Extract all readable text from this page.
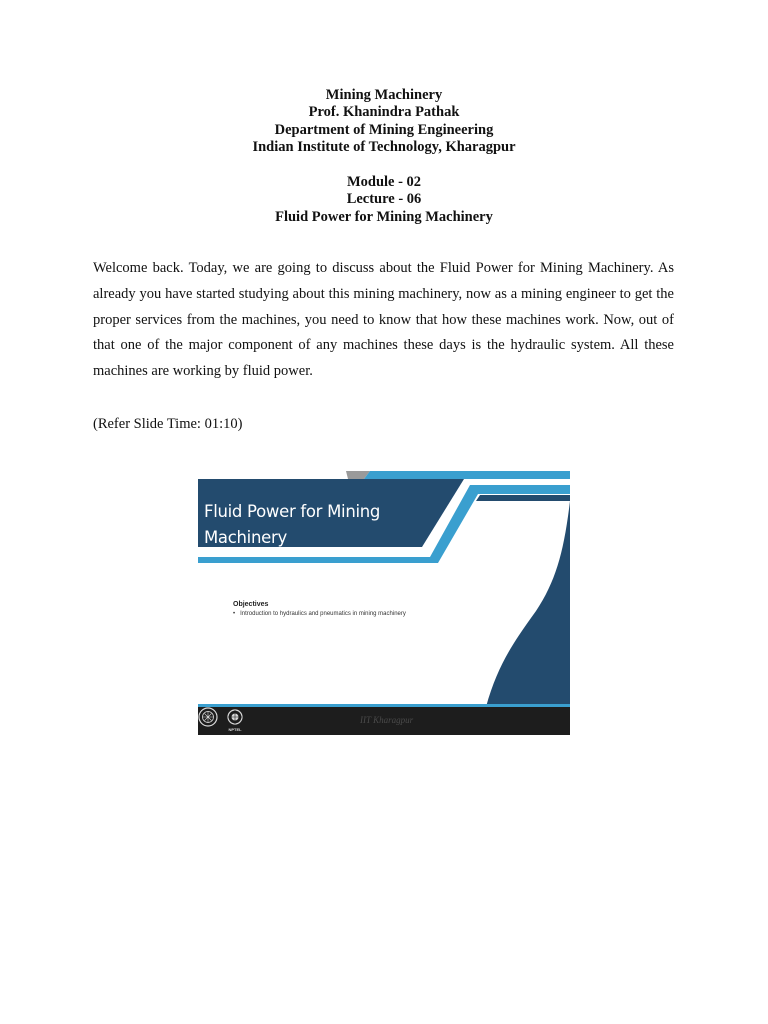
Mining Machinery
Prof. Khanindra Pathak
Department of Mining Engineering
Indian Institute of Technology, Kharagpur
Module - 02
Lecture - 06
Fluid Power for Mining Machinery
Welcome back. Today, we are going to discuss about the Fluid Power for Mining Machinery. As already you have started studying about this mining machinery, now as a mining engineer to get the proper services from the machines, you need to know that how these machines work. Now, out of that one of the major component of any machines these days is the hydraulic system. All these machines are working by fluid power.
(Refer Slide Time: 01:10)
Fluid Power for Mining
Machinery
Objectives
• Introduction to hydraulics and pneumatics in mining machinery
NPTEL
IIT Kharagpur
